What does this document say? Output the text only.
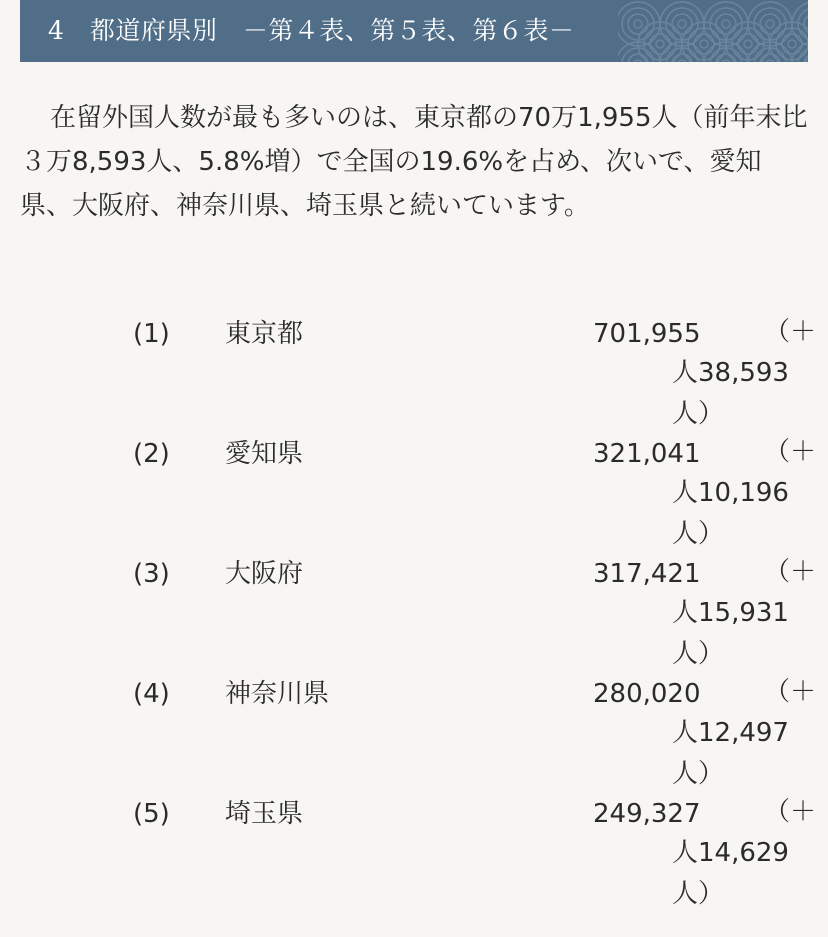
4　都道府県別　－第４表、第５表、第６表－

在留外国人数が最も多いのは、東京都の70万1,955人（前年末比３万8,593人、5.8%増）で全国の19.6%を占め、次いで、愛知県、大阪府、神奈川県、埼玉県と続いています。

(1) 東京都	701,955	（＋人38,593人）
(2) 愛知県	321,041	（＋人10,196人）
(3) 大阪府	317,421	（＋人15,931人）
(4) 神奈川県	280,020	（＋人12,497人）
(5) 埼玉県	249,327	（＋人14,629人）
